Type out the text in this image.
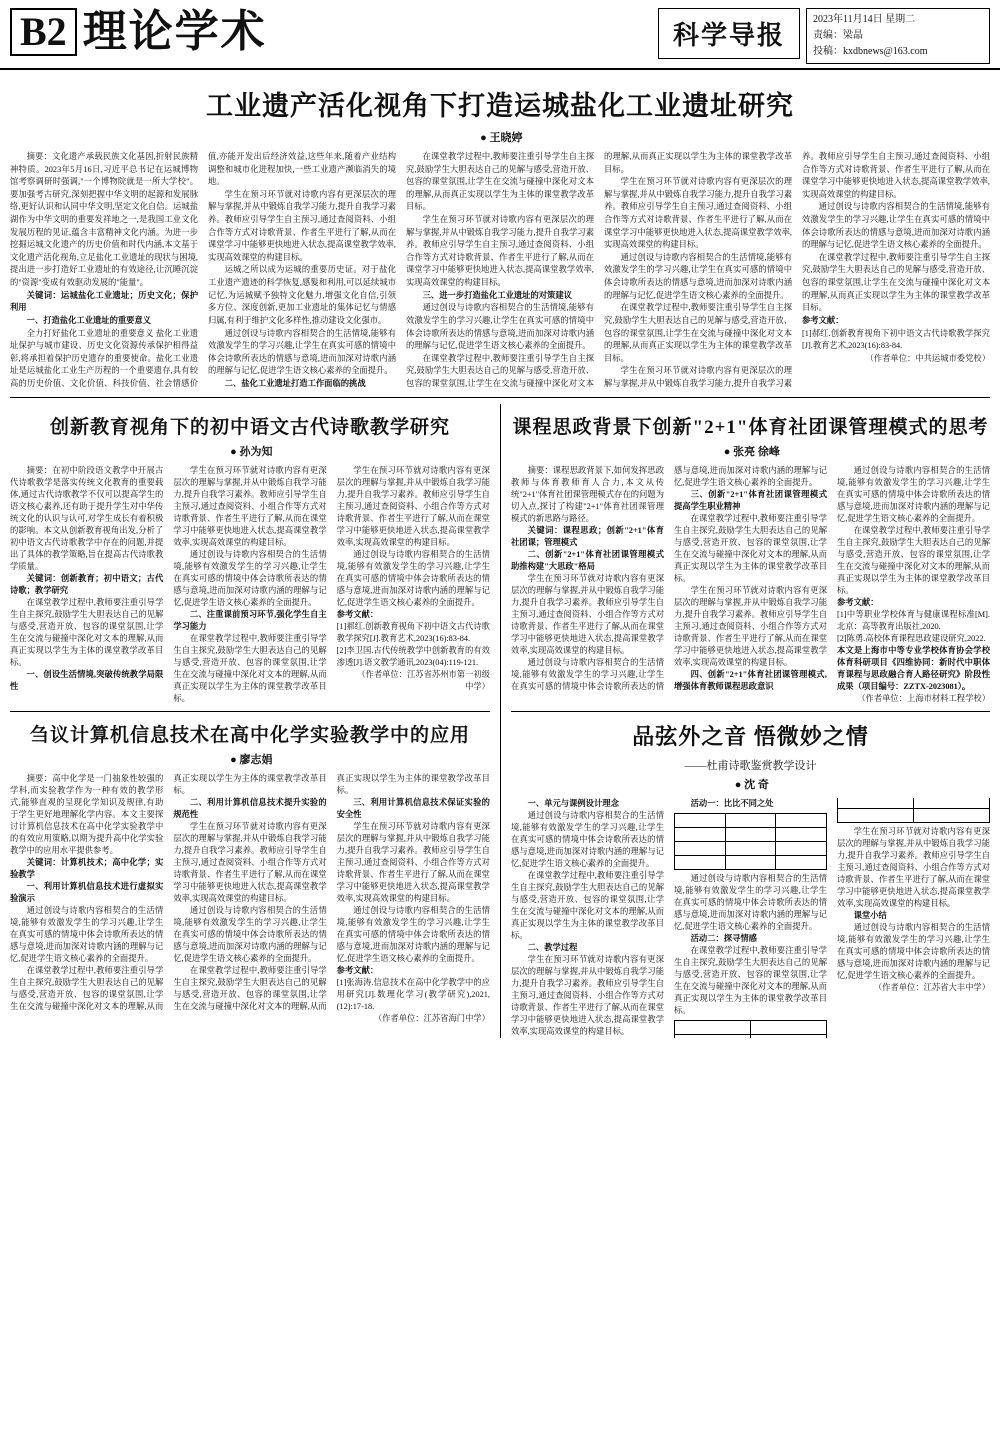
B2 理论学术	科学导报
2023年11月14日 星期二
责编：梁晶
投稿：kxdbnews@163.com
工业遗产活化视角下打造运城盐化工业遗址研究
● 王晓婷

摘要：文化遗产承载民族文化基因,折射民族精神特质。2023年5月16日,习近平总书记在运城博物馆考察调研时强调,"一个博物院就是一所大学校"。要加强考古研究,深刻把握中华文明的起源和发展脉络,更好认识和认同中华文明,坚定文化自信。运城盐湖作为中华文明的重要发祥地之一,是我国工业文化发展历程的见证,蕴含丰富精神文化内涵。为进一步挖掘运城文化遗产的历史价值和时代内涵,本文基于文化遗产活化视角,立足盐化工业遗址的现状与困境,提出进一步打造好工业遗址的有效途径,让沉睡沉淀的"资源"变成有效驱动发展的"能量"。

关键词：运城盐化工业遗址；历史文化；保护利用

一、打造盐化工业遗址的重要意义

全力打好盐化工业遗址的重要意义 盐化工业遗址保护与城市建设、历史文化资源传承保护相得益彰,将承担着保护历史遗存的重要使命。盐化工业遗址是运城盐化工业生产历程的一个重要遗存,具有较高的历史价值、文化价值、科技价值、社会情感价值,亦能开发出后经济效益,这些年来,随着产业结构调整和城市化进程加快,一些工业遗产濒临消失的境地。

学生在预习环节就对诗歌内容有更深层次的理解与掌握,并从中锻炼自我学习能力,提升自我学习素养。教师应引导学生自主预习,通过查阅资料、小组合作等方式对诗歌背景、作者生平进行了解,从而在课堂学习中能够更快地进入状态,提高课堂教学效率,实现高效课堂的构建目标。

运城之所以成为运城的重要历史证。对于盐化工业遗产遗迹的科学恢复,感髮和利用,可以延续城市记忆,为运城赋予独特文化魅力,增强文化自信,引领多方位、深度创新,更加工业遗址的集体记忆与情感归属,有利于维护文化多样性,推动建设文化强市。

通过创设与诗歌内容相契合的生活情境,能够有效激发学生的学习兴趣,让学生在真实可感的情境中体会诗歌所表达的情感与意境,进而加深对诗歌内涵的理解与记忆,促进学生语文核心素养的全面提升。

二、盐化工业遗址打造工作面临的挑战

在课堂教学过程中,教师要注重引导学生自主探究,鼓励学生大胆表达自己的见解与感受,营造开放、包容的课堂氛围,让学生在交流与碰撞中深化对文本的理解,从而真正实现以学生为主体的课堂教学改革目标。

学生在预习环节就对诗歌内容有更深层次的理解与掌握,并从中锻炼自我学习能力,提升自我学习素养。教师应引导学生自主预习,通过查阅资料、小组合作等方式对诗歌背景、作者生平进行了解,从而在课堂学习中能够更快地进入状态,提高课堂教学效率,实现高效课堂的构建目标。

三、进一步打造盐化工业遗址的对策建议

通过创设与诗歌内容相契合的生活情境,能够有效激发学生的学习兴趣,让学生在真实可感的情境中体会诗歌所表达的情感与意境,进而加深对诗歌内涵的理解与记忆,促进学生语文核心素养的全面提升。

在课堂教学过程中,教师要注重引导学生自主探究,鼓励学生大胆表达自己的见解与感受,营造开放、包容的课堂氛围,让学生在交流与碰撞中深化对文本的理解,从而真正实现以学生为主体的课堂教学改革目标。

学生在预习环节就对诗歌内容有更深层次的理解与掌握,并从中锻炼自我学习能力,提升自我学习素养。教师应引导学生自主预习,通过查阅资料、小组合作等方式对诗歌背景、作者生平进行了解,从而在课堂学习中能够更快地进入状态,提高课堂教学效率,实现高效课堂的构建目标。

通过创设与诗歌内容相契合的生活情境,能够有效激发学生的学习兴趣,让学生在真实可感的情境中体会诗歌所表达的情感与意境,进而加深对诗歌内涵的理解与记忆,促进学生语文核心素养的全面提升。

在课堂教学过程中,教师要注重引导学生自主探究,鼓励学生大胆表达自己的见解与感受,营造开放、包容的课堂氛围,让学生在交流与碰撞中深化对文本的理解,从而真正实现以学生为主体的课堂教学改革目标。

学生在预习环节就对诗歌内容有更深层次的理解与掌握,并从中锻炼自我学习能力,提升自我学习素养。教师应引导学生自主预习,通过查阅资料、小组合作等方式对诗歌背景、作者生平进行了解,从而在课堂学习中能够更快地进入状态,提高课堂教学效率,实现高效课堂的构建目标。

通过创设与诗歌内容相契合的生活情境,能够有效激发学生的学习兴趣,让学生在真实可感的情境中体会诗歌所表达的情感与意境,进而加深对诗歌内涵的理解与记忆,促进学生语文核心素养的全面提升。

在课堂教学过程中,教师要注重引导学生自主探究,鼓励学生大胆表达自己的见解与感受,营造开放、包容的课堂氛围,让学生在交流与碰撞中深化对文本的理解,从而真正实现以学生为主体的课堂教学改革目标。

参考文献：

[1]郝红.创新教育视角下初中语文古代诗歌教学探究[J].教育艺术,2023(16):83-84.

（作者单位：中共运城市委党校）

创新教育视角下的初中语文古代诗歌教学研究
● 孙为知

摘要：在初中阶段语文教学中开展古代诗歌教学是落实传统文化教育的重要载体,通过古代诗歌教学不仅可以提高学生的语文核心素养,还有助于提升学生对中华传统文化的认识与认可,对学生成长有着积极的影响。本文从创新教育视角出发,分析了初中语文古代诗歌教学中存在的问题,并提出了具体的教学策略,旨在提高古代诗歌教学质量。

关键词：创新教育；初中语文；古代诗歌；教学研究

在课堂教学过程中,教师要注重引导学生自主探究,鼓励学生大胆表达自己的见解与感受,营造开放、包容的课堂氛围,让学生在交流与碰撞中深化对文本的理解,从而真正实现以学生为主体的课堂教学改革目标。

一、创设生活情境,突破传统教学局限性

学生在预习环节就对诗歌内容有更深层次的理解与掌握,并从中锻炼自我学习能力,提升自我学习素养。教师应引导学生自主预习,通过查阅资料、小组合作等方式对诗歌背景、作者生平进行了解,从而在课堂学习中能够更快地进入状态,提高课堂教学效率,实现高效课堂的构建目标。

通过创设与诗歌内容相契合的生活情境,能够有效激发学生的学习兴趣,让学生在真实可感的情境中体会诗歌所表达的情感与意境,进而加深对诗歌内涵的理解与记忆,促进学生语文核心素养的全面提升。

二、注重课前预习环节,强化学生自主学习能力

在课堂教学过程中,教师要注重引导学生自主探究,鼓励学生大胆表达自己的见解与感受,营造开放、包容的课堂氛围,让学生在交流与碰撞中深化对文本的理解,从而真正实现以学生为主体的课堂教学改革目标。

学生在预习环节就对诗歌内容有更深层次的理解与掌握,并从中锻炼自我学习能力,提升自我学习素养。教师应引导学生自主预习,通过查阅资料、小组合作等方式对诗歌背景、作者生平进行了解,从而在课堂学习中能够更快地进入状态,提高课堂教学效率,实现高效课堂的构建目标。

通过创设与诗歌内容相契合的生活情境,能够有效激发学生的学习兴趣,让学生在真实可感的情境中体会诗歌所表达的情感与意境,进而加深对诗歌内涵的理解与记忆,促进学生语文核心素养的全面提升。

参考文献：

[1]郝红.创新教育视角下初中语文古代诗歌教学探究[J].教育艺术,2023(16):83-84.

[2]李卫国.古代传统教学中创新教育的有效渗透[J].语文教学通讯,2023(04):119-121.

（作者单位：江苏省苏州市第一初级中学）

刍议计算机信息技术在高中化学实验教学中的应用
● 廖志娟

摘要：高中化学是一门抽象性较强的学科,而实验教学作为一种有效的教学形式,能够直观的呈现化学知识及规律,有助于学生更好地理解化学内容。本文主要探讨计算机信息技术在高中化学实验教学中的有效应用策略,以期为提升高中化学实验教学中的应用水平提供参考。

关键词：计算机技术；高中化学；实验教学

一、利用计算机信息技术进行虚拟实验演示

通过创设与诗歌内容相契合的生活情境,能够有效激发学生的学习兴趣,让学生在真实可感的情境中体会诗歌所表达的情感与意境,进而加深对诗歌内涵的理解与记忆,促进学生语文核心素养的全面提升。

在课堂教学过程中,教师要注重引导学生自主探究,鼓励学生大胆表达自己的见解与感受,营造开放、包容的课堂氛围,让学生在交流与碰撞中深化对文本的理解,从而真正实现以学生为主体的课堂教学改革目标。

二、利用计算机信息技术提升实验的规范性

学生在预习环节就对诗歌内容有更深层次的理解与掌握,并从中锻炼自我学习能力,提升自我学习素养。教师应引导学生自主预习,通过查阅资料、小组合作等方式对诗歌背景、作者生平进行了解,从而在课堂学习中能够更快地进入状态,提高课堂教学效率,实现高效课堂的构建目标。

通过创设与诗歌内容相契合的生活情境,能够有效激发学生的学习兴趣,让学生在真实可感的情境中体会诗歌所表达的情感与意境,进而加深对诗歌内涵的理解与记忆,促进学生语文核心素养的全面提升。

在课堂教学过程中,教师要注重引导学生自主探究,鼓励学生大胆表达自己的见解与感受,营造开放、包容的课堂氛围,让学生在交流与碰撞中深化对文本的理解,从而真正实现以学生为主体的课堂教学改革目标。

三、利用计算机信息技术保证实验的安全性

学生在预习环节就对诗歌内容有更深层次的理解与掌握,并从中锻炼自我学习能力,提升自我学习素养。教师应引导学生自主预习,通过查阅资料、小组合作等方式对诗歌背景、作者生平进行了解,从而在课堂学习中能够更快地进入状态,提高课堂教学效率,实现高效课堂的构建目标。

通过创设与诗歌内容相契合的生活情境,能够有效激发学生的学习兴趣,让学生在真实可感的情境中体会诗歌所表达的情感与意境,进而加深对诗歌内涵的理解与记忆,促进学生语文核心素养的全面提升。

参考文献：

[1]张海涛.信息技术在高中化学教学中的应用研究[J].数理化学习(教学研究),2021,(12):17-18.

（作者单位：江苏省海门中学）

课程思政背景下创新"2+1"体育社团课管理模式的思考
● 张亮 徐峰

摘要：课程思政背景下,如何发挥思政教师与体育教师育人合力,本文从传统"2+1"体育社团课管理模式存在的问题为切入点,探讨了构建"2+1"体育社团课管理模式的新思路与路径。

关键词：课程思政；创新"2+1"体育社团课；管理模式

二、创新"2+1"体育社团课管理模式助推构建"大思政"格局

学生在预习环节就对诗歌内容有更深层次的理解与掌握,并从中锻炼自我学习能力,提升自我学习素养。教师应引导学生自主预习,通过查阅资料、小组合作等方式对诗歌背景、作者生平进行了解,从而在课堂学习中能够更快地进入状态,提高课堂教学效率,实现高效课堂的构建目标。

通过创设与诗歌内容相契合的生活情境,能够有效激发学生的学习兴趣,让学生在真实可感的情境中体会诗歌所表达的情感与意境,进而加深对诗歌内涵的理解与记忆,促进学生语文核心素养的全面提升。

三、创新"2+1"体育社团课管理模式提高学生职业精神

在课堂教学过程中,教师要注重引导学生自主探究,鼓励学生大胆表达自己的见解与感受,营造开放、包容的课堂氛围,让学生在交流与碰撞中深化对文本的理解,从而真正实现以学生为主体的课堂教学改革目标。

学生在预习环节就对诗歌内容有更深层次的理解与掌握,并从中锻炼自我学习能力,提升自我学习素养。教师应引导学生自主预习,通过查阅资料、小组合作等方式对诗歌背景、作者生平进行了解,从而在课堂学习中能够更快地进入状态,提高课堂教学效率,实现高效课堂的构建目标。

四、创新"2+1"体育社团课管理模式,增强体育教师课程思政意识

通过创设与诗歌内容相契合的生活情境,能够有效激发学生的学习兴趣,让学生在真实可感的情境中体会诗歌所表达的情感与意境,进而加深对诗歌内涵的理解与记忆,促进学生语文核心素养的全面提升。

在课堂教学过程中,教师要注重引导学生自主探究,鼓励学生大胆表达自己的见解与感受,营造开放、包容的课堂氛围,让学生在交流与碰撞中深化对文本的理解,从而真正实现以学生为主体的课堂教学改革目标。

参考文献：

[1]中等职业学校体育与健康课程标准[M].北京：高等教育出版社,2020.

[2]陈勇.高校体育课程思政建设研究,2022.

本文是上海市中等专业学校体育协会学校体育科研项目《四维协同：新时代中职体育课程与思政融合育人路径研究》阶段性成果（项目编号：ZZTX-2023081）。

（作者单位：上海市材料工程学校）

品弦外之音 悟微妙之情
——杜甫诗歌鉴赏教学设计
● 沈 奇

一、单元与课例设计理念

通过创设与诗歌内容相契合的生活情境,能够有效激发学生的学习兴趣,让学生在真实可感的情境中体会诗歌所表达的情感与意境,进而加深对诗歌内涵的理解与记忆,促进学生语文核心素养的全面提升。

在课堂教学过程中,教师要注重引导学生自主探究,鼓励学生大胆表达自己的见解与感受,营造开放、包容的课堂氛围,让学生在交流与碰撞中深化对文本的理解,从而真正实现以学生为主体的课堂教学改革目标。

二、教学过程

学生在预习环节就对诗歌内容有更深层次的理解与掌握,并从中锻炼自我学习能力,提升自我学习素养。教师应引导学生自主预习,通过查阅资料、小组合作等方式对诗歌背景、作者生平进行了解,从而在课堂学习中能够更快地进入状态,提高课堂教学效率,实现高效课堂的构建目标。

活动一：比比不同之处

通过创设与诗歌内容相契合的生活情境,能够有效激发学生的学习兴趣,让学生在真实可感的情境中体会诗歌所表达的情感与意境,进而加深对诗歌内涵的理解与记忆,促进学生语文核心素养的全面提升。

活动二：探寻情感

在课堂教学过程中,教师要注重引导学生自主探究,鼓励学生大胆表达自己的见解与感受,营造开放、包容的课堂氛围,让学生在交流与碰撞中深化对文本的理解,从而真正实现以学生为主体的课堂教学改革目标。

学生在预习环节就对诗歌内容有更深层次的理解与掌握,并从中锻炼自我学习能力,提升自我学习素养。教师应引导学生自主预习,通过查阅资料、小组合作等方式对诗歌背景、作者生平进行了解,从而在课堂学习中能够更快地进入状态,提高课堂教学效率,实现高效课堂的构建目标。

课堂小结

通过创设与诗歌内容相契合的生活情境,能够有效激发学生的学习兴趣,让学生在真实可感的情境中体会诗歌所表达的情感与意境,进而加深对诗歌内涵的理解与记忆,促进学生语文核心素养的全面提升。

（作者单位：江苏省大丰中学）
